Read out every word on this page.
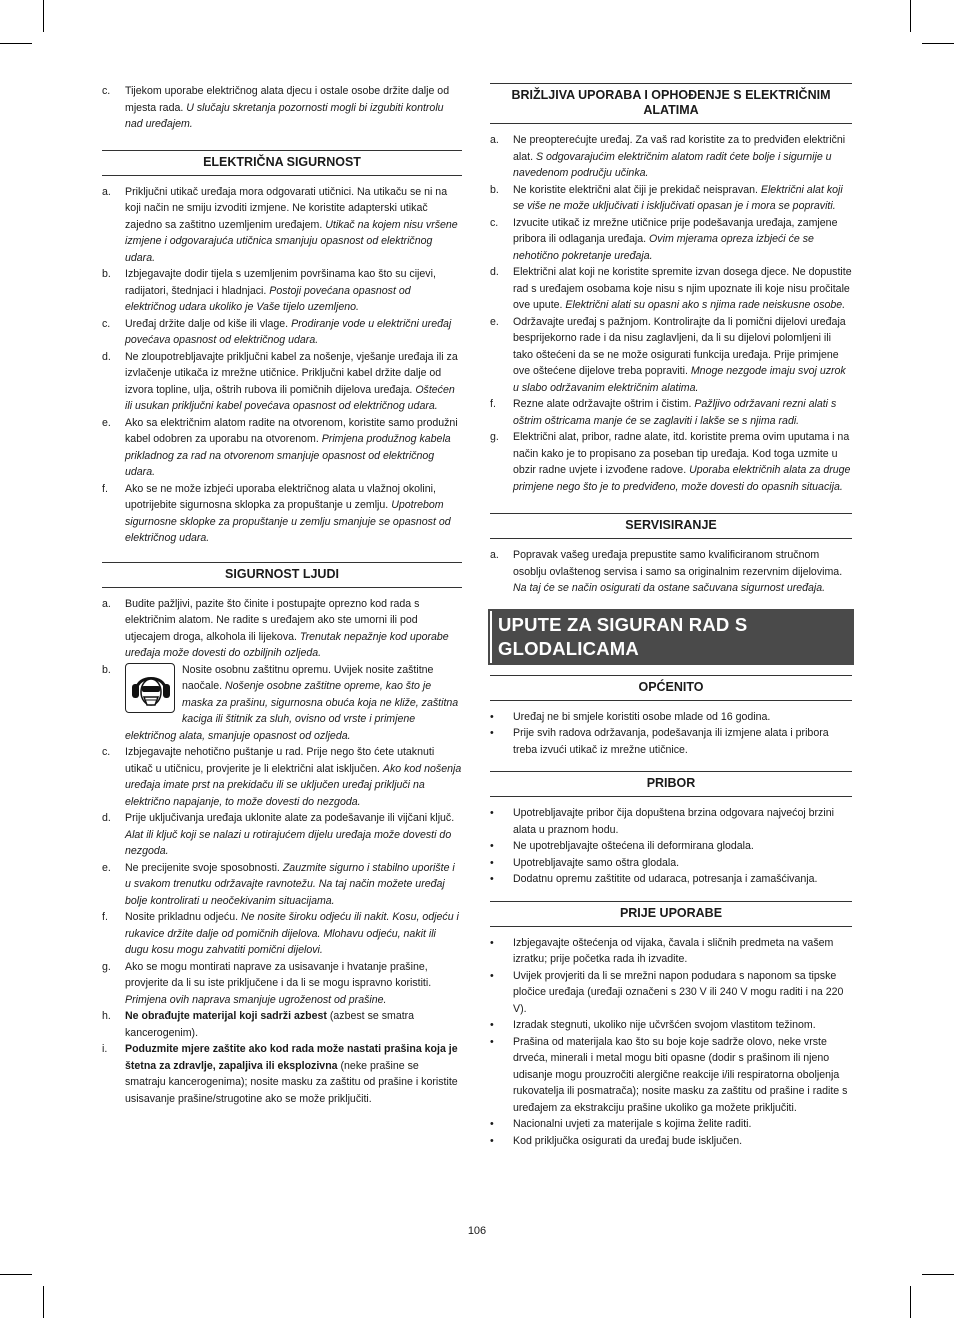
c. Tijekom uporabe električnog alata djecu i ostale osobe držite dalje od mjesta rada. U slučaju skretanja pozornosti mogli bi izgubiti kontrolu nad uređajem.
ELEKTRIČNA SIGURNOST
a. Priključni utikač uređaja mora odgovarati utičnici. Na utikaču se ni na koji način ne smiju izvoditi izmjene. Ne koristite adapterski utikač zajedno sa zaštitno uzemljenim uređajem. Utikač na kojem nisu vršene izmjene i odgovarajuća utičnica smanjuju opasnost od električnog udara.
b. Izbjegavajte dodir tijela s uzemljenim površinama kao što su cijevi, radijatori, štednjaci i hladnjaci. Postoji povećana opasnost od električnog udara ukoliko je Vaše tijelo uzemljeno.
c. Uređaj držite dalje od kiše ili vlage. Prodiranje vode u električni uređaj povećava opasnost od električnog udara.
d. Ne zloupotrebljavajte priključni kabel za nošenje, vješanje uređaja ili za izvlačenje utikača iz mrežne utičnice. Priključni kabel držite dalje od izvora topline, ulja, oštrih rubova ili pomičnih dijelova uređaja. Oštećen ili usukan priključni kabel povećava opasnost od električnog udara.
e. Ako sa električnim alatom radite na otvorenom, koristite samo produžni kabel odobren za uporabu na otvorenom. Primjena produžnog kabela prikladnog za rad na otvorenom smanjuje opasnost od električnog udara.
f. Ako se ne može izbjeći uporaba električnog alata u vlažnoj okolini, upotrijebite sigurnosna sklopka za propuštanje u zemlju. Upotrebom sigurnosne sklopke za propuštanje u zemlju smanjuje se opasnost od električnog udara.
SIGURNOST LJUDI
a. Budite pažljivi, pazite što činite i postupajte oprezno kod rada s električnim alatom. Ne radite s uređajem ako ste umorni ili pod utjecajem droga, alkohola ili lijekova. Trenutak nepažnje kod uporabe uređaja može dovesti do ozbiljnih ozljeda.
b.	Nosite osobnu zaštitnu opremu. Uvijek nosite zaštitne naočale. Nošenje osobne zaštitne opreme, kao što je maska za prašinu, sigurnosna obuća koja ne kliže, zaštitna kaciga ili štitnik za sluh, ovisno od vrste i primjene električnog alata, smanjuje opasnost od ozljeda.
c. Izbjegavajte nehotično puštanje u rad. Prije nego što ćete utaknuti utikač u utičnicu, provjerite je li električni alat isključen. Ako kod nošenja uređaja imate prst na prekidaču ili se uključen uređaj priključi na električno napajanje, to može dovesti do nezgoda.
d. Prije uključivanja uređaja uklonite alate za podešavanje ili vijčani ključ. Alat ili ključ koji se nalazi u rotirajućem dijelu uređaja može dovesti do nezgoda.
e. Ne precijenite svoje sposobnosti. Zauzmite sigurno i stabilno uporište i u svakom trenutku održavajte ravnotežu. Na taj način možete uređaj bolje kontrolirati u neočekivanim situacijama.
f. Nosite prikladnu odjeću. Ne nosite široku odjeću ili nakit. Kosu, odjeću i rukavice držite dalje od pomičnih dijelova. Mlohavu odjeću, nakit ili dugu kosu mogu zahvatiti pomični dijelovi.
g. Ako se mogu montirati naprave za usisavanje i hvatanje prašine, provjerite da li su iste priključene i da li se mogu ispravno koristiti. Primjena ovih naprava smanjuje ugroženost od prašine.
h. Ne obrađujte materijal koji sadrži azbest (azbest se smatra kancerogenim).
i. Poduzmite mjere zaštite ako kod rada može nastati prašina koja je štetna za zdravlje, zapaljiva ili eksplozivna (neke prašine se smatraju kancerogenima); nosite masku za zaštitu od prašine i koristite usisavanje prašine/strugotine ako se može priključiti.
BRIŽLJIVA UPORABA I OPHOĐENJE S ELEKTRIČNIM ALATIMA
a. Ne preopterećujte uređaj. Za vaš rad koristite za to predviđen električni alat. S odgovarajućim električnim alatom radit ćete bolje i sigurnije u navedenom području učinka.
b. Ne koristite električni alat čiji je prekidač neispravan. Električni alat koji se više ne može uključivati i isključivati opasan je i mora se popraviti.
c. Izvucite utikač iz mrežne utičnice prije podešavanja uređaja, zamjene pribora ili odlaganja uređaja. Ovim mjerama opreza izbjeći će se nehotično pokretanje uređaja.
d. Električni alat koji ne koristite spremite izvan dosega djece. Ne dopustite rad s uređajem osobama koje nisu s njim upoznate ili koje nisu pročitale ove upute. Električni alati su opasni ako s njima rade neiskusne osobe.
e. Održavajte uređaj s pažnjom. Kontrolirajte da li pomični dijelovi uređaja besprijekorno rade i da nisu zaglavljeni, da li su dijelovi polomljeni ili tako oštećeni da se ne može osigurati funkcija uređaja. Prije primjene ove oštećene dijelove treba popraviti. Mnoge nezgode imaju svoj uzrok u slabo održavanim električnim alatima.
f. Rezne alate održavajte oštrim i čistim. Pažljivo održavani rezni alati s oštrim oštricama manje će se zaglaviti i lakše se s njima radi.
g. Električni alat, pribor, radne alate, itd. koristite prema ovim uputama i na način kako je to propisano za poseban tip uređaja. Kod toga uzmite u obzir radne uvjete i izvođene radove. Uporaba električnih alata za druge primjene nego što je to predviđeno, može dovesti do opasnih situacija.
SERVISIRANJE
a. Popravak vašeg uređaja prepustite samo kvalificiranom stručnom osoblju ovlaštenog servisa i samo sa originalnim rezervnim dijelovima. Na taj će se način osigurati da ostane sačuvana sigurnost uređaja.
UPUTE ZA SIGURAN RAD S GLODALICAMA
OPĆENITO
• Uređaj ne bi smjele koristiti osobe mlade od 16 godina.
• Prije svih radova održavanja, podešavanja ili izmjene alata i pribora treba izvući utikač iz mrežne utičnice.
PRIBOR
• Upotrebljavajte pribor čija dopuštena brzina odgovara najvećoj brzini alata u praznom hodu.
• Ne upotrebljavajte oštećena ili deformirana glodala.
• Upotrebljavajte samo oštra glodala.
• Dodatnu opremu zaštitite od udaraca, potresanja i zamašćivanja.
PRIJE UPORABE
• Izbjegavajte oštećenja od vijaka, čavala i sličnih predmeta na vašem izratku; prije početka rada ih izvadite.
• Uvijek provjeriti da li se mrežni napon podudara s naponom sa tipske pločice uređaja (uređaji označeni s 230 V ili 240 V mogu raditi i na 220 V).
• Izradak stegnuti, ukoliko nije učvršćen svojom vlastitom težinom.
• Prašina od materijala kao što su boje koje sadrže olovo, neke vrste drveća, minerali i metal mogu biti opasne (dodir s prašinom ili njeno udisanje mogu prouzročiti alergične reakcije i/ili respiratorna oboljenja rukovatelja ili posmatrača); nosite masku za zaštitu od prašine i radite s uređajem za ekstrakciju prašine ukoliko ga možete priključiti.
• Nacionalni uvjeti za materijale s kojima želite raditi.
• Kod priključka osigurati da uređaj bude isključen.
106
